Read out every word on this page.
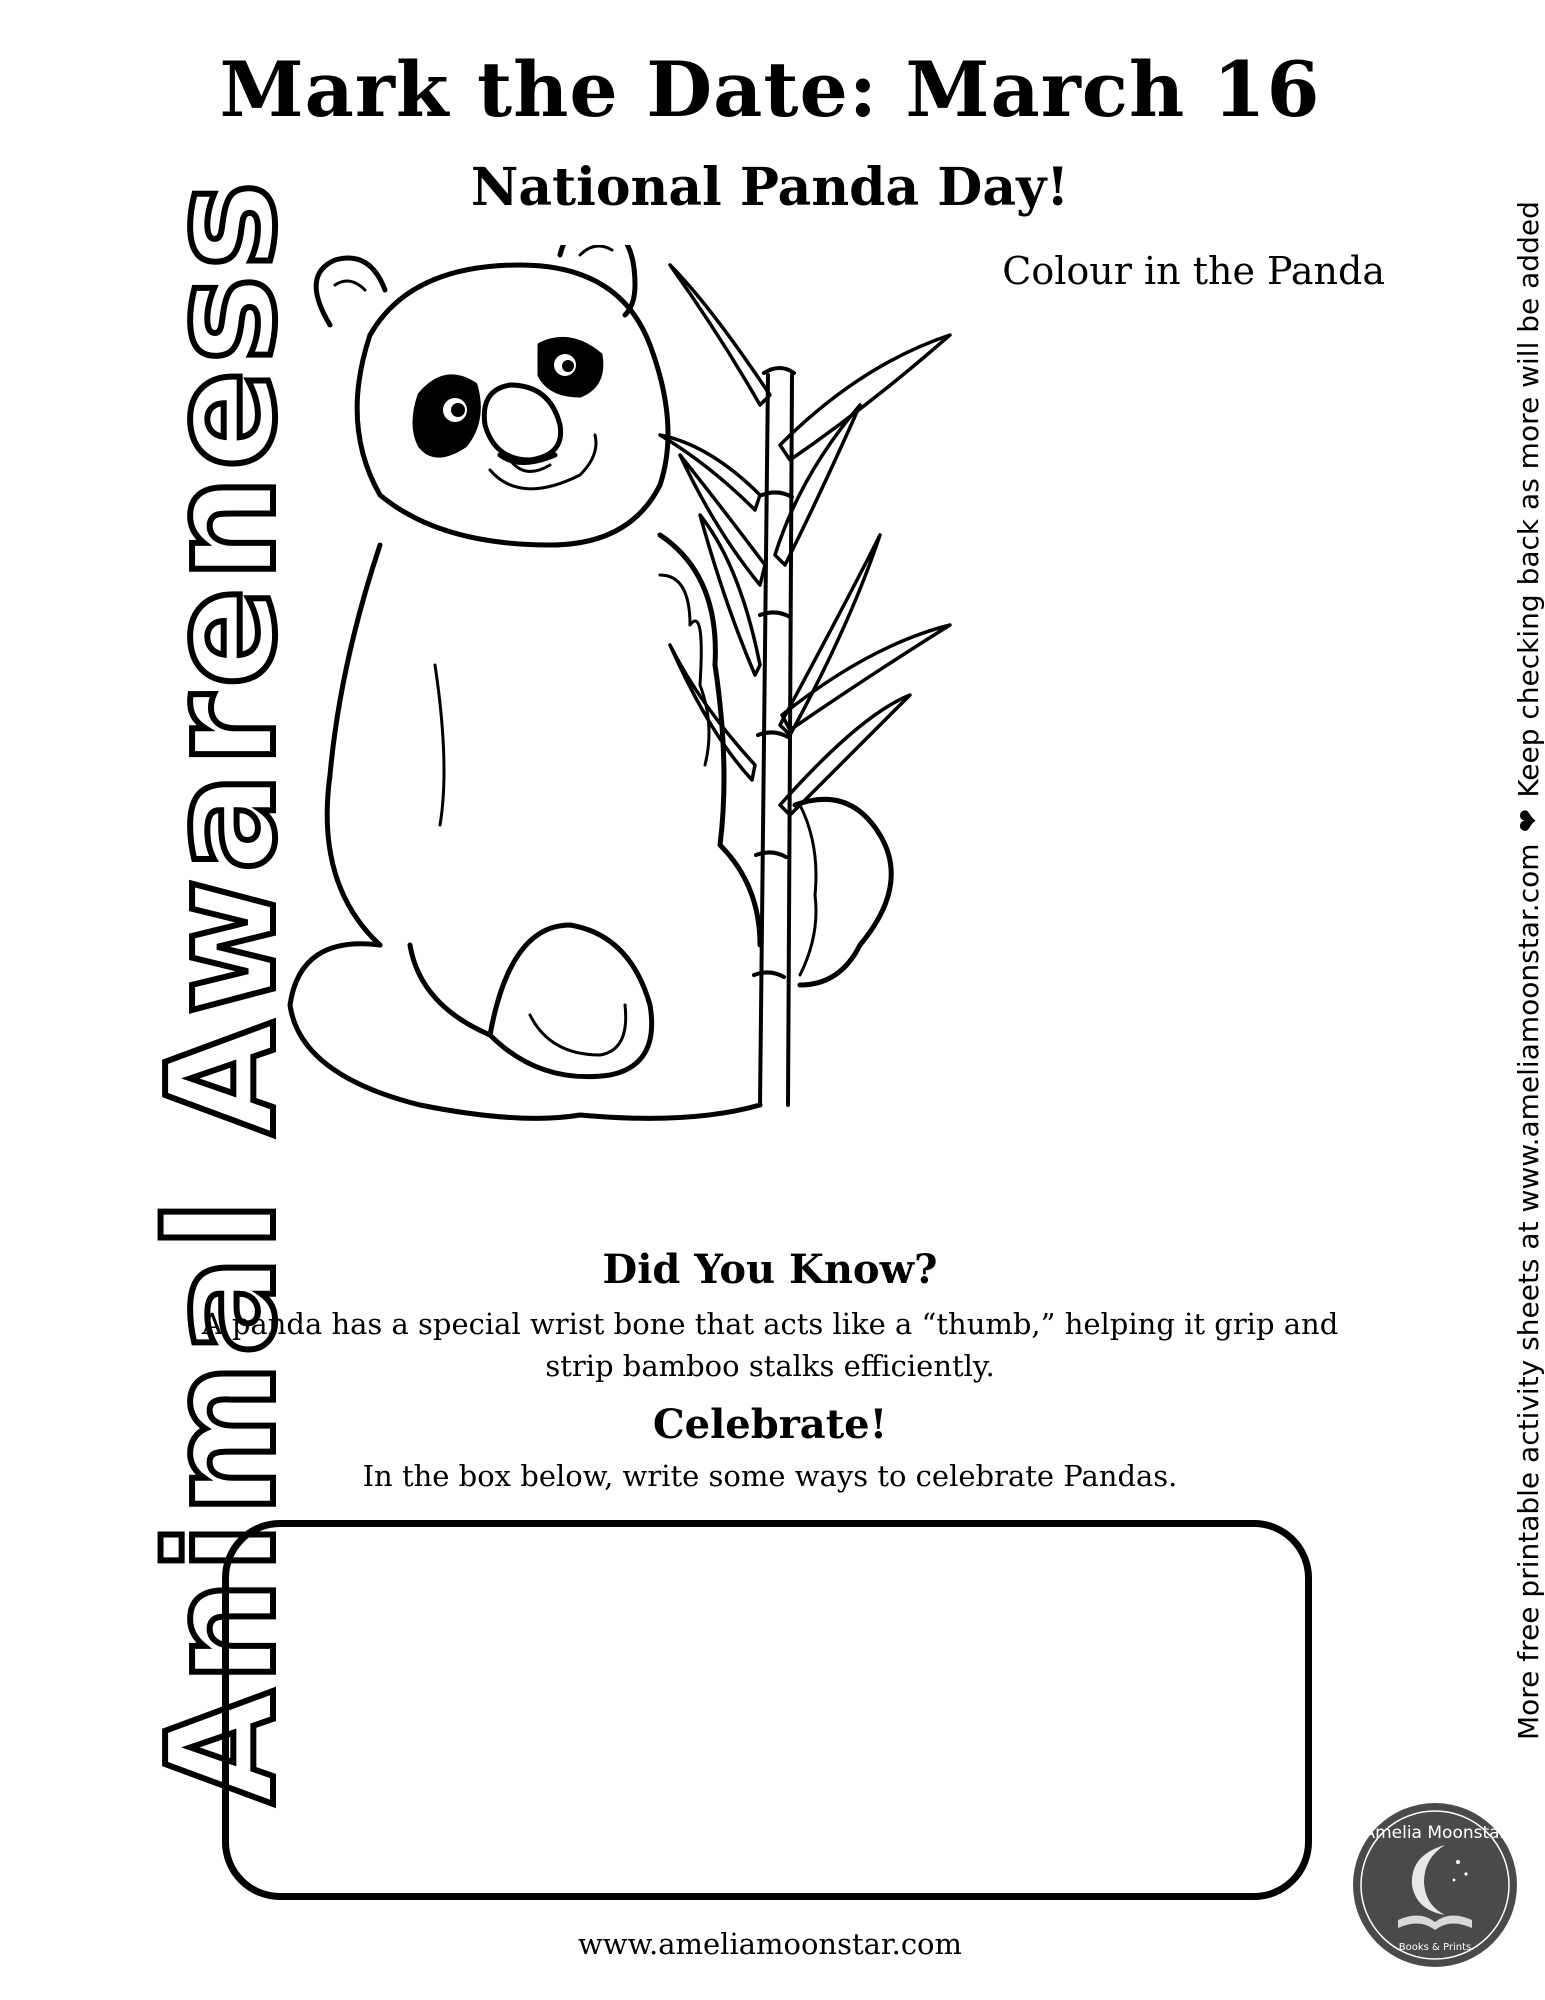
Mark the Date: March 16
National Panda Day!
Colour in the Panda
Animal Awareness	More free printable activity sheets at www.ameliamoonstar.com ❤ Keep checking back as more will be added
Did You Know?
A panda has a special wrist bone that acts like a “thumb,” helping it grip and strip bamboo stalks efficiently.
Celebrate!
In the box below, write some ways to celebrate Pandas.
www.ameliamoonstar.com
Amelia Moonstar
Books & Prints
